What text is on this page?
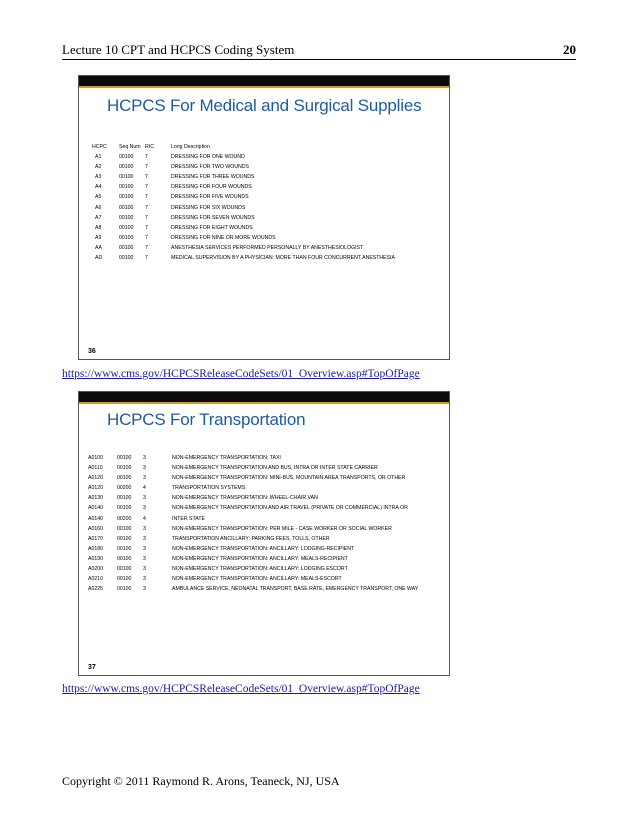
Lecture 10 CPT and HCPCS Coding System	20
HCPCS For Medical and Surgical Supplies
HCPC	Seq Num	RIC	Long Description
A1	00100	7	DRESSING FOR ONE WOUND
A2	00100	7	DRESSING FOR TWO WOUNDS
A3	00100	7	DRESSING FOR THREE WOUNDS
A4	00100	7	DRESSING FOR FOUR WOUNDS
A5	00100	7	DRESSING FOR FIVE WOUNDS
A6	00100	7	DRESSING FOR SIX WOUNDS
A7	00100	7	DRESSING FOR SEVEN WOUNDS
A8	00100	7	DRESSING FOR EIGHT WOUNDS
A9	00100	7	DRESSING FOR NINE OR MORE WOUNDS
AA	00100	7	ANESTHESIA SERVICES PERFORMED PERSONALLY BY ANESTHESIOLOGIST
AD	00100	7	MEDICAL SUPERVISION BY A PHYSICIAN: MORE THAN FOUR CONCURRENT ANESTHESIA
36
https://www.cms.gov/HCPCSReleaseCodeSets/01_Overview.asp#TopOfPage
HCPCS For Transportation
A0100	00100	3	NON-EMERGENCY TRANSPORTATION; TAXI
A0110	00100	3	NON-EMERGENCY TRANSPORTATION AND BUS, INTRA OR INTER STATE CARRIER
A0120	00100	3	NON-EMERGENCY TRANSPORTATION: MINI-BUS, MOUNTAIN AREA TRANSPORTS, OR OTHER
A0120	00200	4	TRANSPORTATION SYSTEMS
A0130	00100	3	NON-EMERGENCY TRANSPORTATION: WHEEL-CHAIR VAN
A0140	00100	3	NON-EMERGENCY TRANSPORTATION AND AIR TRAVEL (PRIVATE OR COMMERCIAL) INTRA OR
A0140	00200	4	INTER STATE
A0160	00100	3	NON-EMERGENCY TRANSPORTATION: PER MILE - CASE WORKER OR SOCIAL WORKER
A0170	00100	3	TRANSPORTATION ANCILLARY: PARKING FEES, TOLLS, OTHER
A0180	00100	3	NON-EMERGENCY TRANSPORTATION: ANCILLARY: LODGING-RECIPIENT
A0190	00100	3	NON-EMERGENCY TRANSPORTATION: ANCILLARY: MEALS-RECIPIENT
A0200	00100	3	NON-EMERGENCY TRANSPORTATION: ANCILLARY: LODGING ESCORT
A0210	00100	3	NON-EMERGENCY TRANSPORTATION: ANCILLARY: MEALS-ESCORT
A0225	00100	3	AMBULANCE SERVICE, NEONATAL TRANSPORT, BASE RATE, EMERGENCY TRANSPORT, ONE WAY
37
https://www.cms.gov/HCPCSReleaseCodeSets/01_Overview.asp#TopOfPage
Copyright © 2011 Raymond R. Arons, Teaneck, NJ, USA
